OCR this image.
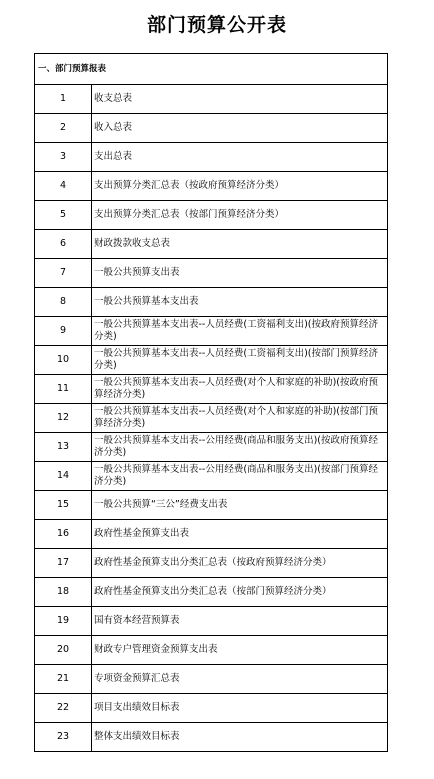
部门预算公开表
一、部门预算报表	
1	收支总表
2	收入总表
3	支出总表
4	支出预算分类汇总表（按政府预算经济分类）
5	支出预算分类汇总表（按部门预算经济分类）
6	财政拨款收支总表
7	一般公共预算支出表
8	一般公共预算基本支出表
9	一般公共预算基本支出表--人员经费(工资福利支出)(按政府预算经济分类)
10	一般公共预算基本支出表--人员经费(工资福利支出)(按部门预算经济分类)
11	一般公共预算基本支出表--人员经费(对个人和家庭的补助)(按政府预算经济分类)
12	一般公共预算基本支出表--人员经费(对个人和家庭的补助)(按部门预算经济分类)
13	一般公共预算基本支出表--公用经费(商品和服务支出)(按政府预算经济分类)
14	一般公共预算基本支出表--公用经费(商品和服务支出)(按部门预算经济分类)
15	一般公共预算“三公”经费支出表
16	政府性基金预算支出表
17	政府性基金预算支出分类汇总表（按政府预算经济分类）
18	政府性基金预算支出分类汇总表（按部门预算经济分类）
19	国有资本经营预算表
20	财政专户管理资金预算支出表
21	专项资金预算汇总表
22	项目支出绩效目标表
23	整体支出绩效目标表
